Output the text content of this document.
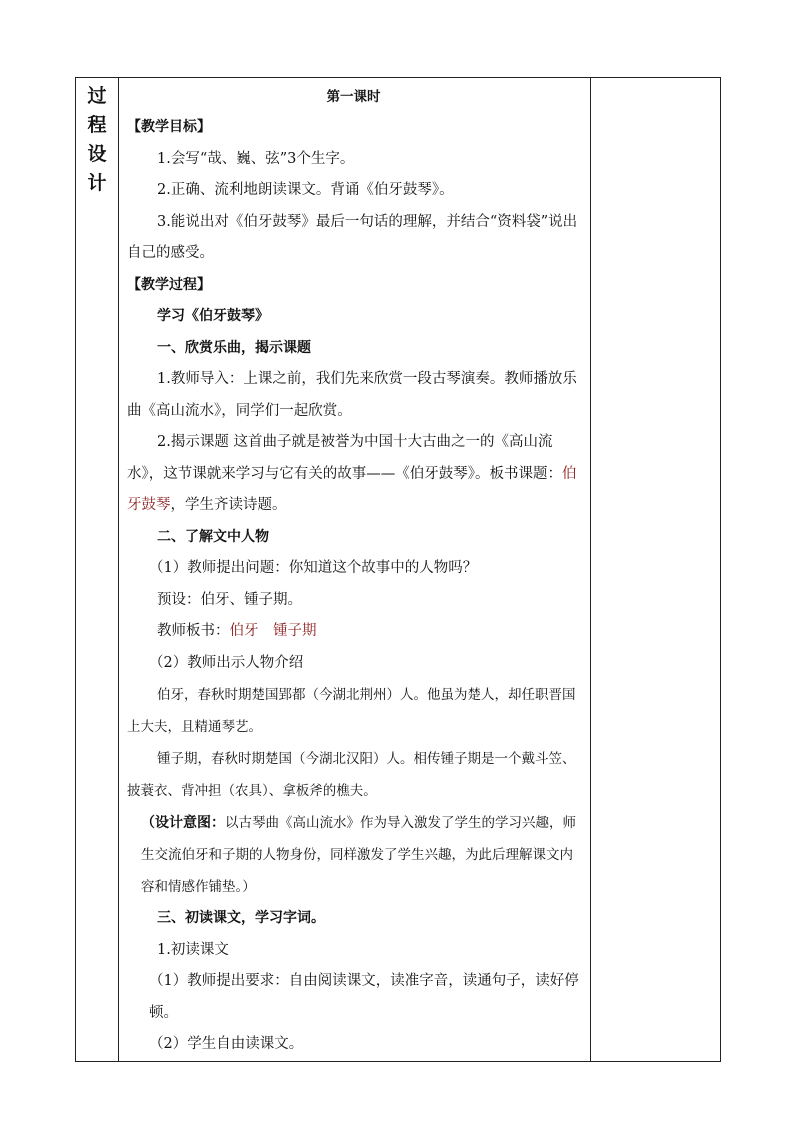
过
程
设
计

第一课时

【教学目标】

1.会写“哉、巍、弦”3个生字。

2.正确、流利地朗读课文。背诵《伯牙鼓琴》。

3.能说出对《伯牙鼓琴》最后一句话的理解，并结合“资料袋”说出自己的感受。

【教学过程】

学习《伯牙鼓琴》

一、欣赏乐曲，揭示课题

1.教师导入：上课之前，我们先来欣赏一段古琴演奏。教师播放乐曲《高山流水》，同学们一起欣赏。

2.揭示课题 这首曲子就是被誉为中国十大古曲之一的《高山流水》，这节课就来学习与它有关的故事——《伯牙鼓琴》。板书课题：伯牙鼓琴，学生齐读诗题。

二、了解文中人物

（1）教师提出问题：你知道这个故事中的人物吗？

预设：伯牙、锺子期。

教师板书：伯牙　锺子期

（2）教师出示人物介绍

伯牙，春秋时期楚国郢都（今湖北荆州）人。他虽为楚人，却任职晋国上大夫，且精通琴艺。

锺子期，春秋时期楚国（今湖北汉阳）人。相传锺子期是一个戴斗笠、披蓑衣、背冲担（农具）、拿板斧的樵夫。

（设计意图：以古琴曲《高山流水》作为导入激发了学生的学习兴趣，师生交流伯牙和子期的人物身份，同样激发了学生兴趣，为此后理解课文内容和情感作铺垫。）

三、初读课文，学习字词。

1.初读课文

（1）教师提出要求：自由阅读课文，读准字音，读通句子，读好停顿。

（2）学生自由读课文。
